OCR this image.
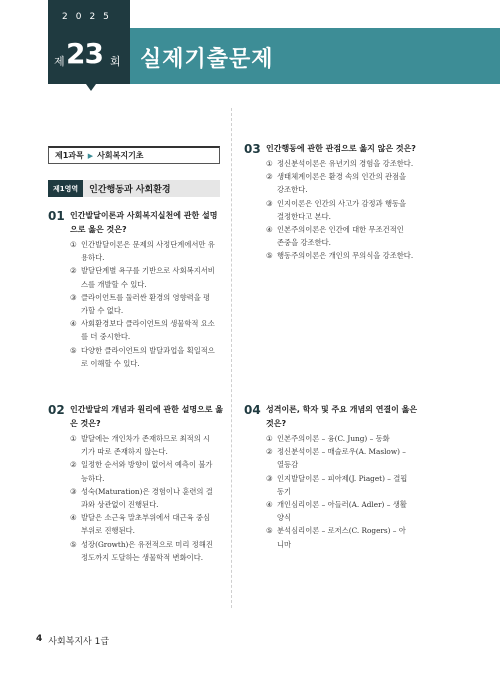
2025
제 23 회 실제기출문제
제1과목 ▶ 사회복지기초
제1영역	인간행동과 사회환경
01 인간발달이론과 사회복지실천에 관한 설명
으로 옳은 것은?
① 인간발달이론은 문제의 사정단계에서만 유
용하다.
② 발달단계별 욕구를 기반으로 사회복지서비
스를 개발할 수 있다.
③ 클라이언트를 둘러싼 환경의 영향력을 평
가할 수 없다.
④ 사회환경보다 클라이언트의 생물학적 요소
를 더 중시한다.
⑤ 다양한 클라이언트의 발달과업을 획일적으
로 이해할 수 있다.
02 인간발달의 개념과 원리에 관한 설명으로 옳
은 것은?
① 발달에는 개인차가 존재하므로 최적의 시
기가 따로 존재하지 않는다.
② 일정한 순서와 방향이 없어서 예측이 불가
능하다.
③ 성숙(Maturation)은 경험이나 훈련의 결
과와 상관없이 진행된다.
④ 발달은 소근육 말초부위에서 대근육 중심
부위로 진행된다.
⑤ 성장(Growth)은 유전적으로 미리 정해진
정도까지 도달하는 생물학적 변화이다.
03 인간행동에 관한 관점으로 옳지 않은 것은?
① 정신분석이론은 유년기의 경험을 강조한다.
② 생태체계이론은 환경 속의 인간의 관점을
강조한다.
③ 인지이론은 인간의 사고가 감정과 행동을
결정한다고 본다.
④ 인본주의이론은 인간에 대한 무조건적인
존중을 강조한다.
⑤ 행동주의이론은 개인의 무의식을 강조한다.
04 성격이론, 학자 및 주요 개념의 연결이 옳은
것은?
① 인본주의이론 – 융(C. Jung) – 동화
② 정신분석이론 – 매슬로우(A. Maslow) –
열등감
③ 인지발달이론 – 피아제(J. Piaget) – 결핍
동기
④ 개인심리이론 – 아들러(A. Adler) – 생활
양식
⑤ 분석심리이론 – 로저스(C. Rogers) – 아
니마
4 사회복지사 1급
